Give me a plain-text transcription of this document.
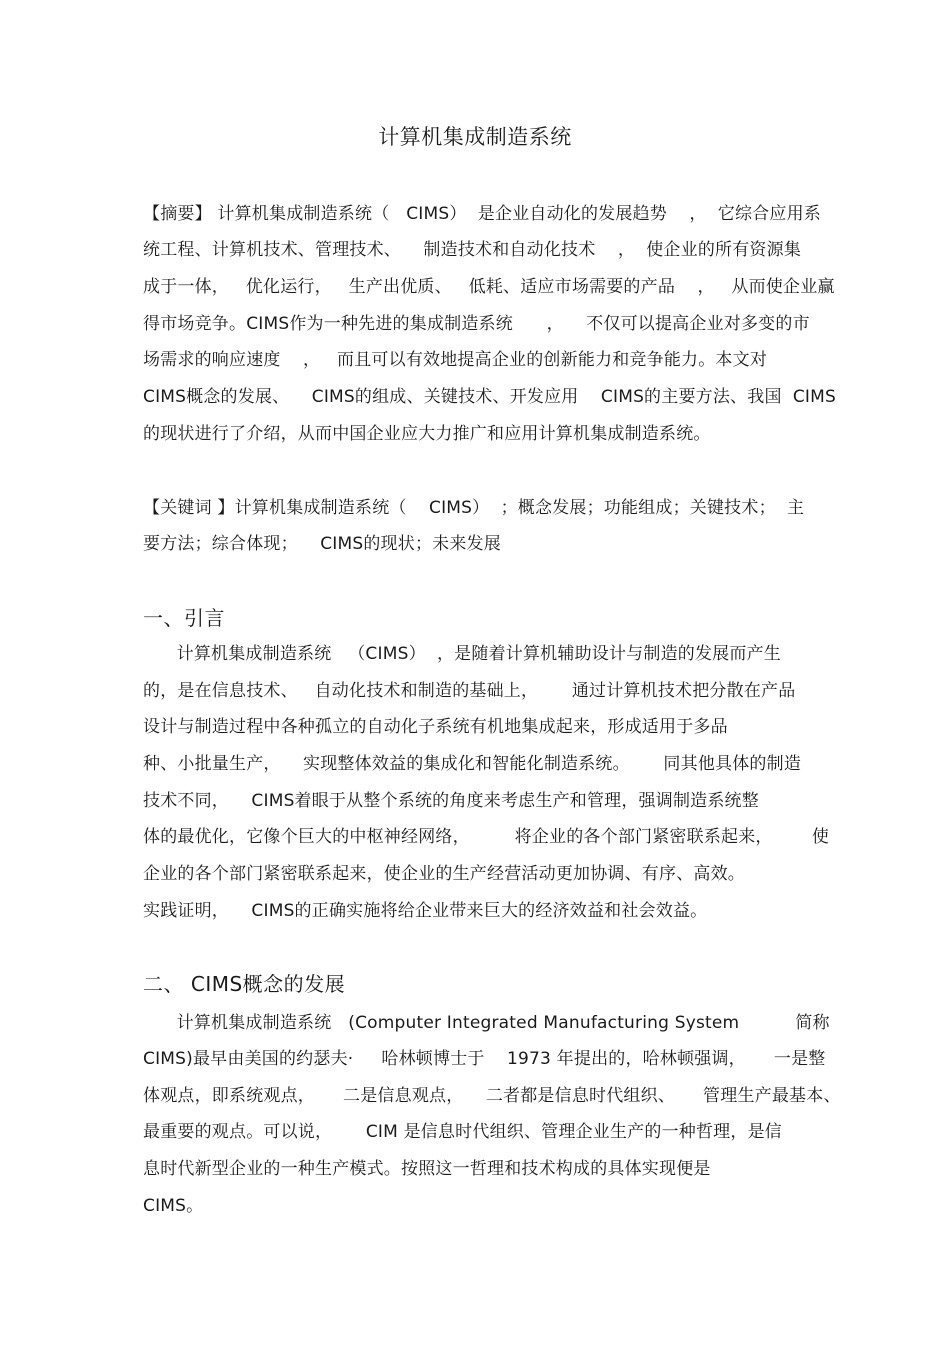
计算机集成制造系统
【摘要】 计算机集成制造系统（   CIMS）  是企业自动化的发展趋势    ，  它综合应用系
统工程、计算机技术、管理技术、    制造技术和自动化技术    ，  使企业的所有资源集
成于一体，   优化运行，   生产出优质、   低耗、适应市场需要的产品    ，   从而使企业赢
得市场竞争。CIMS作为一种先进的集成制造系统      ，    不仅可以提高企业对多变的市
场需求的响应速度    ，   而且可以有效地提高企业的创新能力和竞争能力。本文对
CIMS概念的发展、    CIMS的组成、关键技术、开发应用    CIMS的主要方法、我国  CIMS
的现状进行了介绍，从而中国企业应大力推广和应用计算机集成制造系统。
【关键词 】计算机集成制造系统（    CIMS）  ；概念发展；功能组成；关键技术；  主
要方法；综合体现；    CIMS的现状；未来发展
一、引言
计算机集成制造系统   （CIMS）  ，是随着计算机辅助设计与制造的发展而产生
的，是在信息技术、   自动化技术和制造的基础上，      通过计算机技术把分散在产品
设计与制造过程中各种孤立的自动化子系统有机地集成起来，形成适用于多品
种、小批量生产，    实现整体效益的集成化和智能化制造系统。      同其他具体的制造
技术不同，    CIMS着眼于从整个系统的角度来考虑生产和管理，强调制造系统整
体的最优化，它像个巨大的中枢神经网络，        将企业的各个部门紧密联系起来，       使
企业的各个部门紧密联系起来，使企业的生产经营活动更加协调、有序、高效。
实践证明，    CIMS的正确实施将给企业带来巨大的经济效益和社会效益。
二、 CIMS概念的发展
计算机集成制造系统   (Computer Integrated Manufacturing System          简称
CIMS)最早由美国的约瑟夫·     哈林顿博士于    1973 年提出的，哈林顿强调，     一是整
体观点，即系统观点，     二是信息观点，    二者都是信息时代组织、     管理生产最基本、
最重要的观点。可以说，      CIM 是信息时代组织、管理企业生产的一种哲理，是信
息时代新型企业的一种生产模式。按照这一哲理和技术构成的具体实现便是
CIMS。
